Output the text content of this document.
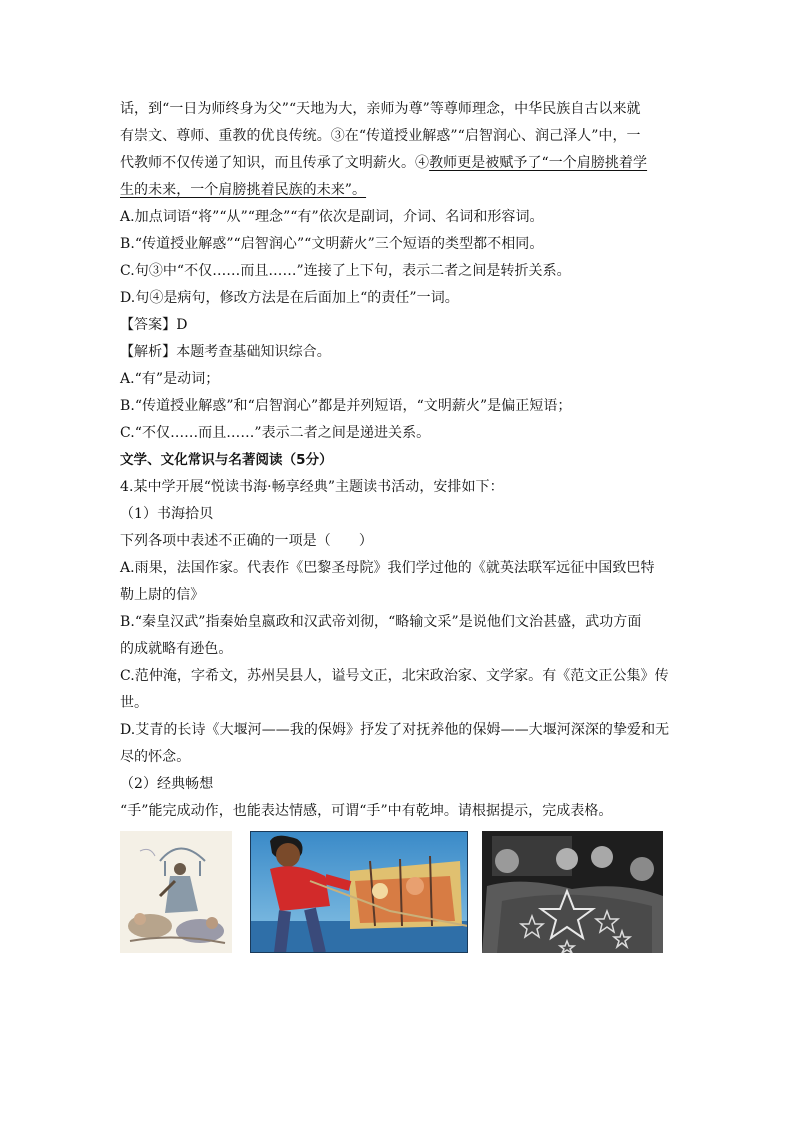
话，到“一日为师终身为父”“天地为大，亲师为尊”等尊师理念，中华民族自古以来就
有崇文、尊师、重教的优良传统。③在“传道授业解惑”“启智润心、润己泽人”中，一
代教师不仅传递了知识，而且传承了文明薪火。④教师更是被赋予了“一个肩膀挑着学
生的未来，一个肩膀挑着民族的未来”。
A.加点词语“将”“从”“理念”“有”依次是副词，介词、名词和形容词。
B.“传道授业解惑”“启智润心”“文明薪火”三个短语的类型都不相同。
C.句③中“不仅……而且……”连接了上下句，表示二者之间是转折关系。
D.句④是病句，修改方法是在后面加上“的责任”一词。
【答案】D
【解析】本题考查基础知识综合。
A.“有”是动词；
B.“传道授业解惑”和“启智润心”都是并列短语，“文明薪火”是偏正短语；
C.“不仅……而且……”表示二者之间是递进关系。
文学、文化常识与名著阅读（5分）
4.某中学开展“悦读书海·畅享经典”主题读书活动，安排如下：
（1）书海拾贝
下列各项中表述不正确的一项是（　　）
A.雨果，法国作家。代表作《巴黎圣母院》我们学过他的《就英法联军远征中国致巴特
勒上尉的信》
B.“秦皇汉武”指秦始皇嬴政和汉武帝刘彻，“略输文采”是说他们文治甚盛，武功方面
的成就略有逊色。
C.范仲淹，字希文，苏州吴县人，谥号文正，北宋政治家、文学家。有《范文正公集》传
世。
D.艾青的长诗《大堰河——我的保姆》抒发了对抚养他的保姆——大堰河深深的挚爱和无
尽的怀念。
（2）经典畅想
“手”能完成动作，也能表达情感，可谓“手”中有乾坤。请根据提示，完成表格。
